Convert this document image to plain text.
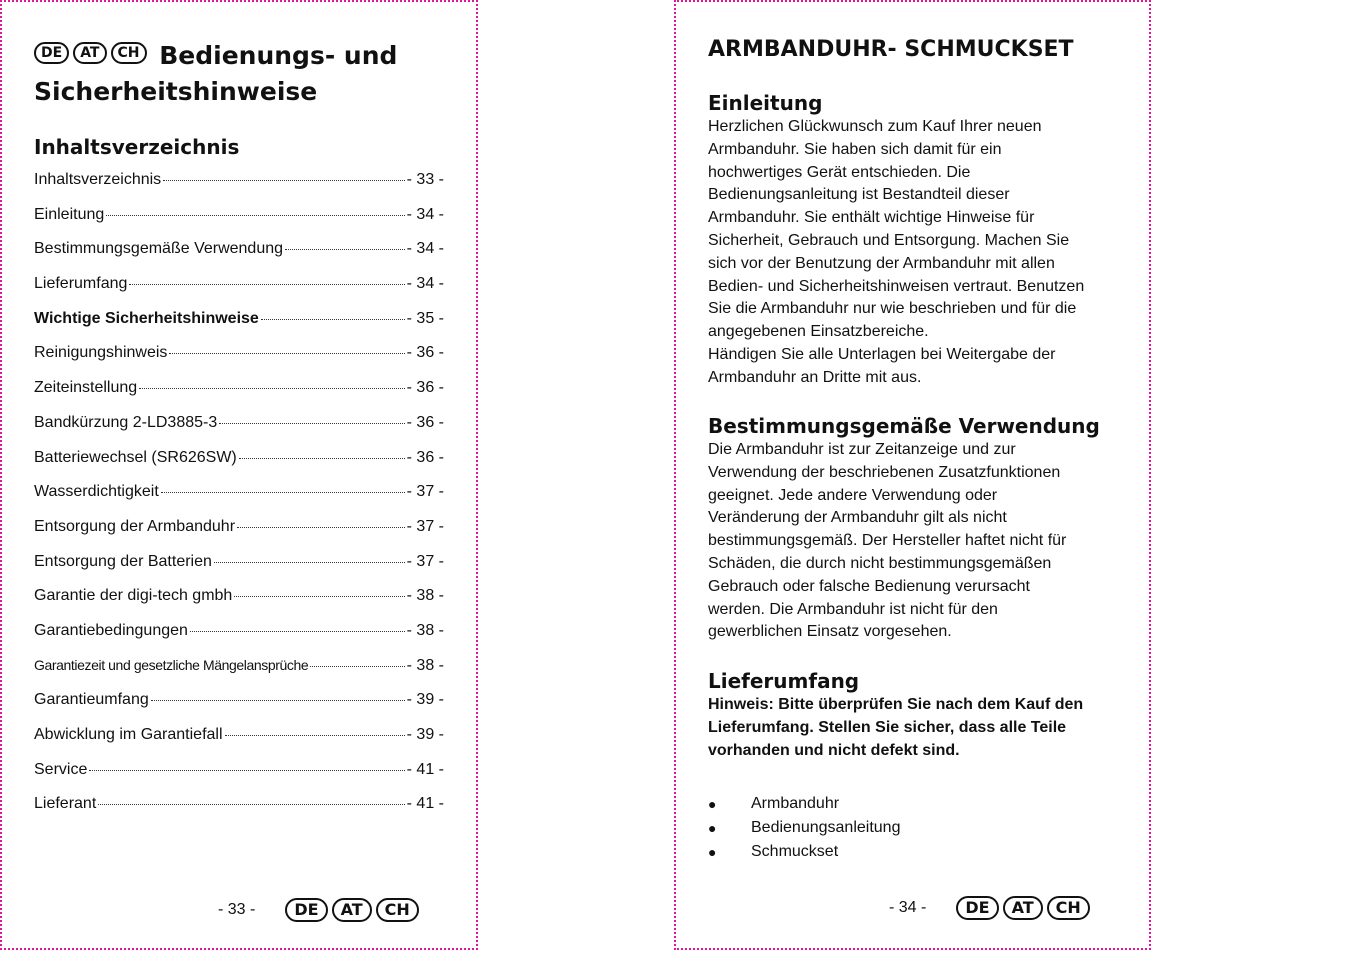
DE	AT	CH Bedienungs- und
Sicherheitshinweise
Inhaltsverzeichnis
Inhaltsverzeichnis	- 33 -
Einleitung	- 34 -
Bestimmungsgemäße Verwendung	- 34 -
Lieferumfang	- 34 -
Wichtige Sicherheitshinweise	- 35 -
Reinigungshinweis	- 36 -
Zeiteinstellung	- 36 -
Bandkürzung 2-LD3885-3	- 36 -
Batteriewechsel (SR626SW)	- 36 -
Wasserdichtigkeit	- 37 -
Entsorgung der Armbanduhr	- 37 -
Entsorgung der Batterien	- 37 -
Garantie der digi-tech gmbh	- 38 -
Garantiebedingungen	- 38 -
Garantiezeit und gesetzliche Mängelansprüche	- 38 -
Garantieumfang	- 39 -
Abwicklung im Garantiefall	- 39 -
Service	- 41 -
Lieferant	- 41 -
- 33 -	DE	AT	CH
ARMBANDUHR- SCHMUCKSET
Einleitung

Herzlichen Glückwunsch zum Kauf Ihrer neuen

Armbanduhr. Sie haben sich damit für ein

hochwertiges Gerät entschieden. Die

Bedienungsanleitung ist Bestandteil dieser

Armbanduhr. Sie enthält wichtige Hinweise für

Sicherheit, Gebrauch und Entsorgung. Machen Sie

sich vor der Benutzung der Armbanduhr mit allen

Bedien- und Sicherheitshinweisen vertraut. Benutzen

Sie die Armbanduhr nur wie beschrieben und für die

angegebenen Einsatzbereiche.

Händigen Sie alle Unterlagen bei Weitergabe der

Armbanduhr an Dritte mit aus.

Bestimmungsgemäße Verwendung

Die Armbanduhr ist zur Zeitanzeige und zur

Verwendung der beschriebenen Zusatzfunktionen

geeignet. Jede andere Verwendung oder

Veränderung der Armbanduhr gilt als nicht

bestimmungsgemäß. Der Hersteller haftet nicht für

Schäden, die durch nicht bestimmungsgemäßen

Gebrauch oder falsche Bedienung verursacht

werden. Die Armbanduhr ist nicht für den

gewerblichen Einsatz vorgesehen.

Lieferumfang

Hinweis: Bitte überprüfen Sie nach dem Kauf den

Lieferumfang. Stellen Sie sicher, dass alle Teile

vorhanden und nicht defekt sind.

●	Armbanduhr
●	Bedienungsanleitung
●	Schmuckset
- 34 -	DE	AT	CH
